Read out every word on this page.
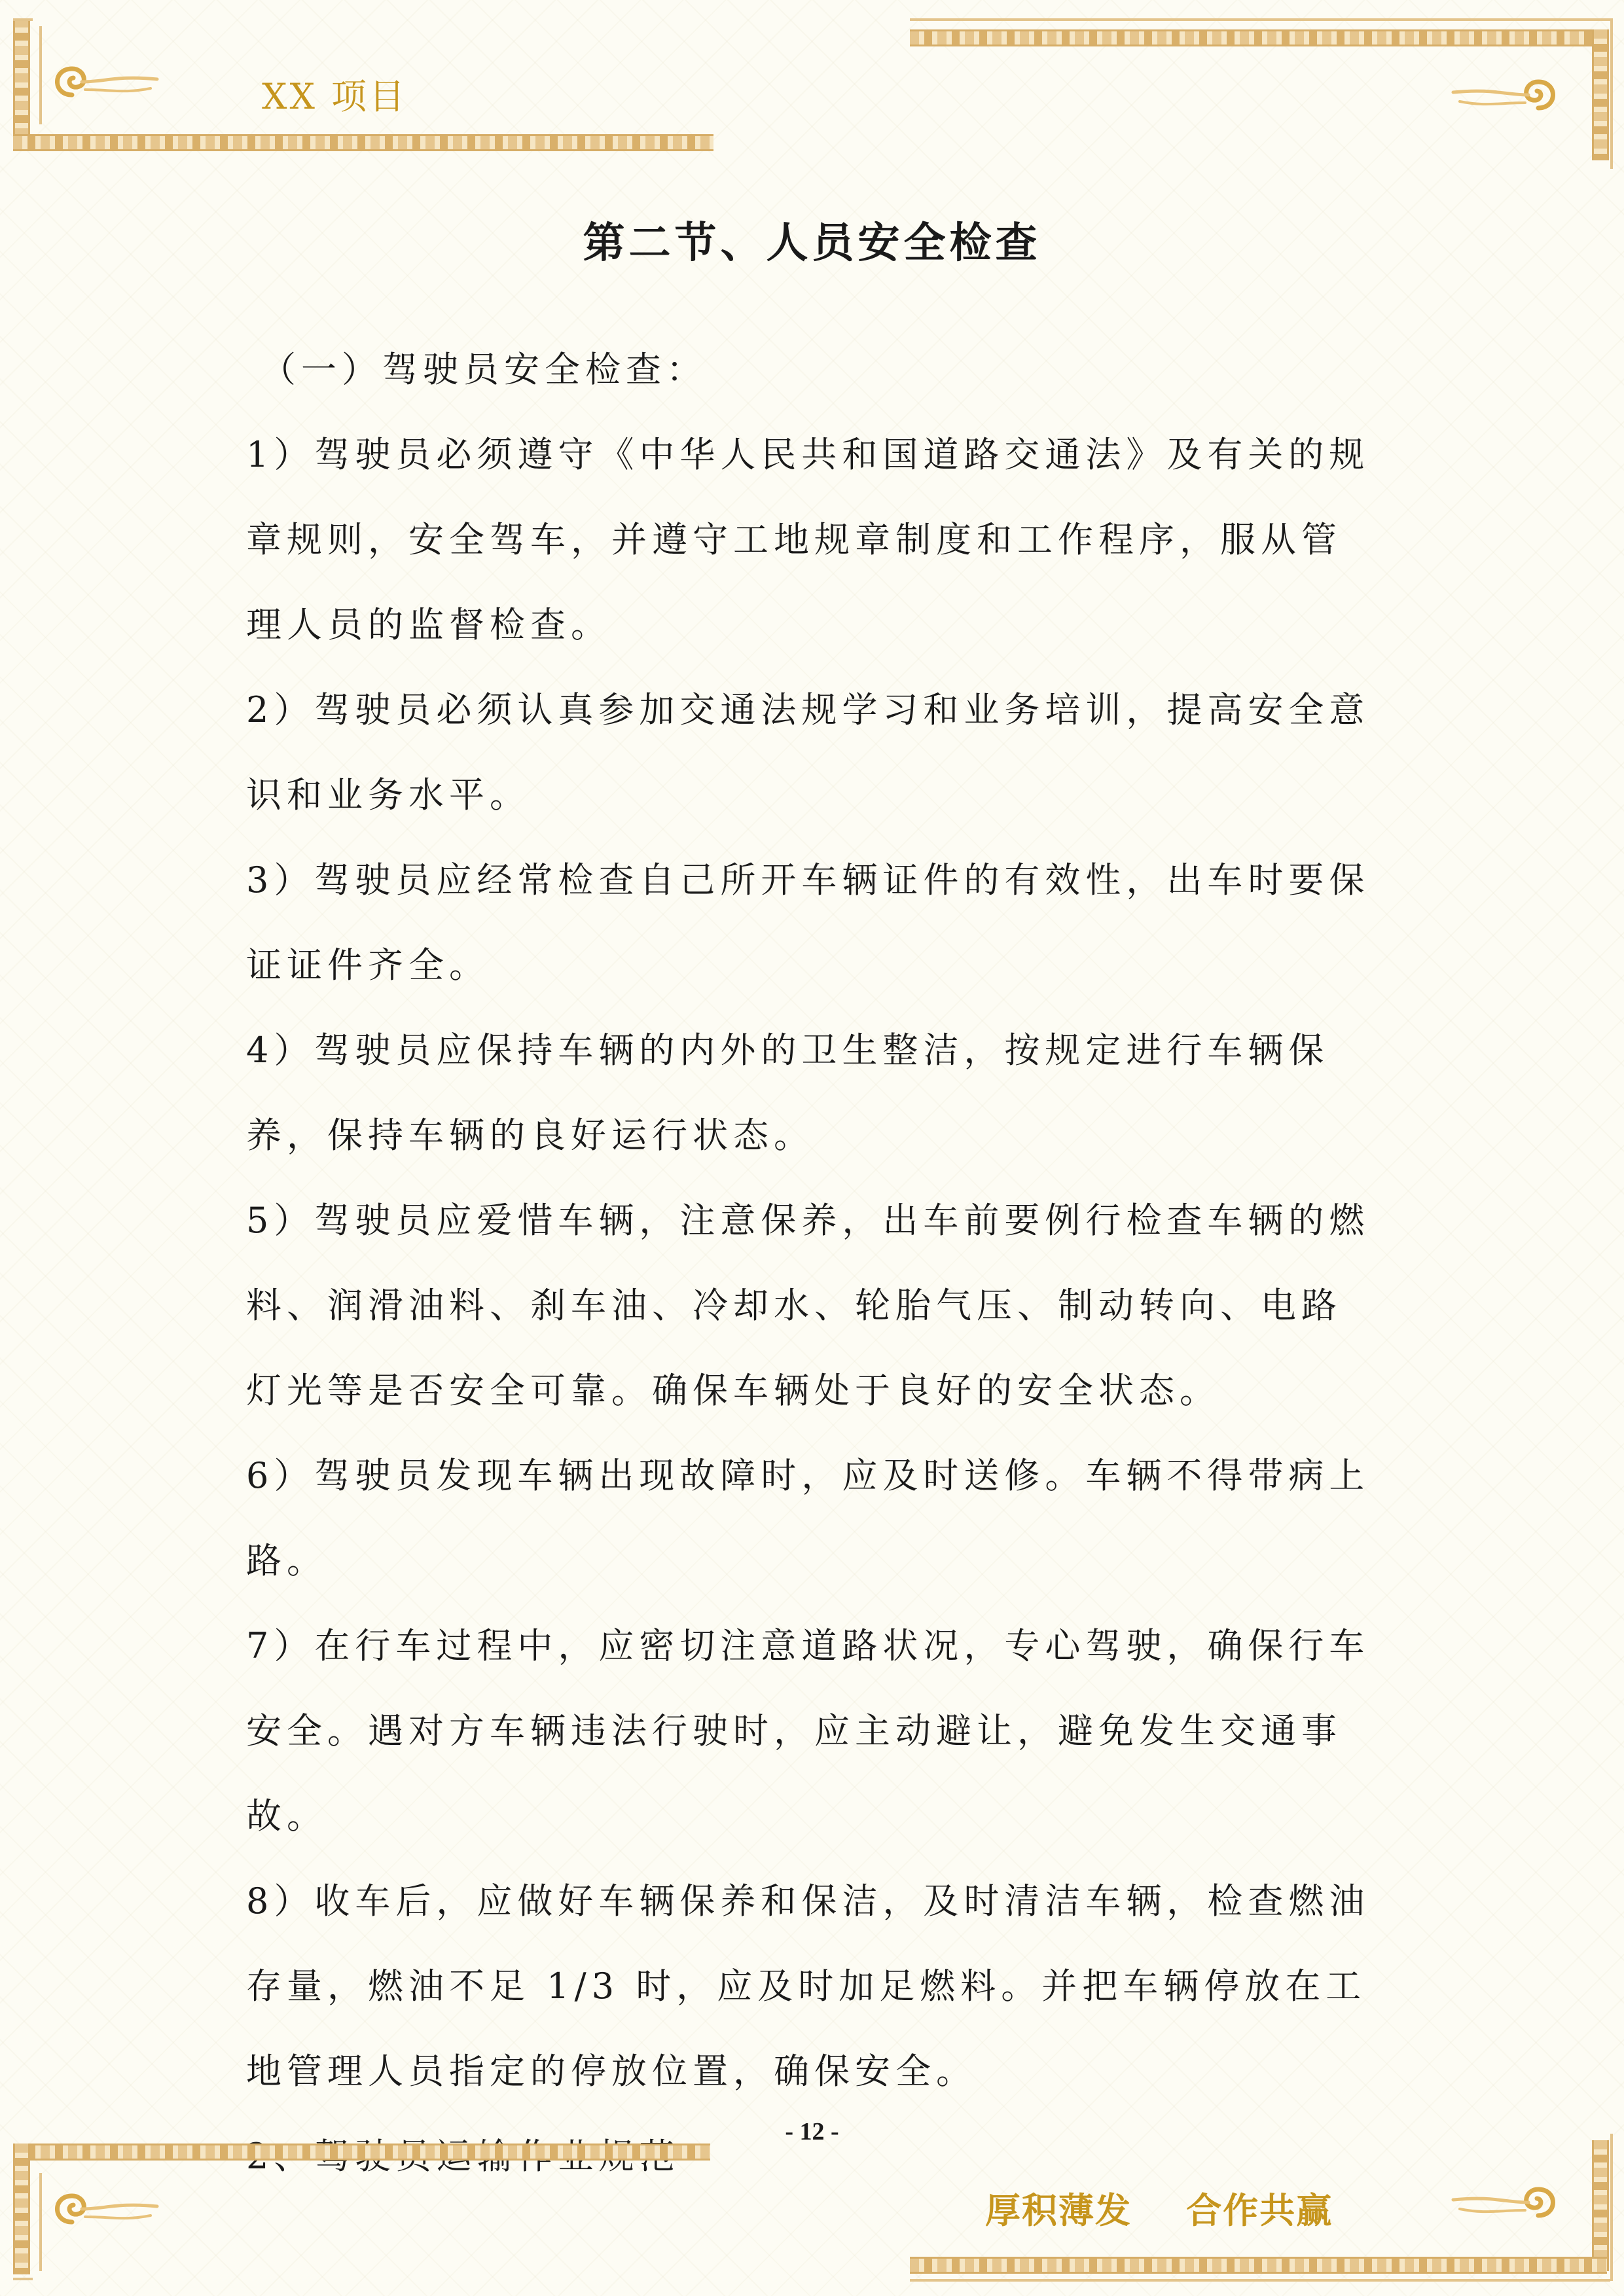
XX 项目
第二节、人员安全检查

（一）驾驶员安全检查：

1）驾驶员必须遵守《中华人民共和国道路交通法》及有关的规章规则，安全驾车，并遵守工地规章制度和工作程序，服从管理人员的监督检查。

2）驾驶员必须认真参加交通法规学习和业务培训，提高安全意识和业务水平。

3）驾驶员应经常检查自己所开车辆证件的有效性，出车时要保证证件齐全。

4）驾驶员应保持车辆的内外的卫生整洁，按规定进行车辆保养，保持车辆的良好运行状态。

5）驾驶员应爱惜车辆，注意保养，出车前要例行检查车辆的燃料、润滑油料、刹车油、冷却水、轮胎气压、制动转向、电路灯光等是否安全可靠。确保车辆处于良好的安全状态。

6）驾驶员发现车辆出现故障时，应及时送修。车辆不得带病上路。

7）在行车过程中，应密切注意道路状况，专心驾驶，确保行车安全。遇对方车辆违法行驶时，应主动避让，避免发生交通事故。

8）收车后，应做好车辆保养和保洁，及时清洁车辆，检查燃油存量，燃油不足 1/3 时，应及时加足燃料。并把车辆停放在工地管理人员指定的停放位置，确保安全。

- 12 -
厚积薄发    合作共赢
